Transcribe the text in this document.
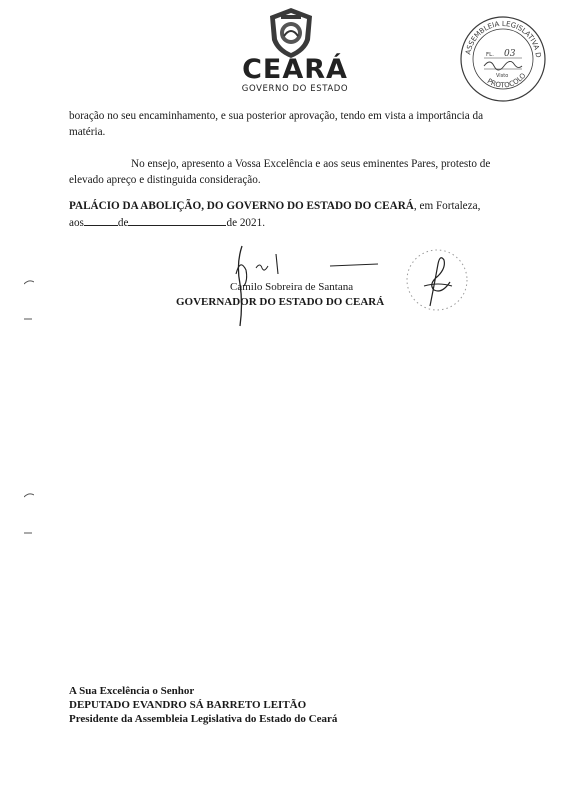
CEARÁ
GOVERNO DO ESTADO
ASSEMBLEIA LEGISLATIVA D
PROTOCOLO
FL. 03
Visto
boração no seu encaminhamento, e sua posterior aprovação, tendo em vista a importância da matéria.
No ensejo, apresento a Vossa Excelência e aos seus eminentes Pares, protesto de elevado apreço e distinguida consideração.
PALÁCIO DA ABOLIÇÃO, DO GOVERNO DO ESTADO DO CEARÁ, em Fortaleza,
aos	de	de 2021.
Camilo Sobreira de Santana
GOVERNADOR DO ESTADO DO CEARÁ
A Sua Excelência o Senhor
DEPUTADO EVANDRO SÁ BARRETO LEITÃO
Presidente da Assembleia Legislativa do Estado do Ceará
